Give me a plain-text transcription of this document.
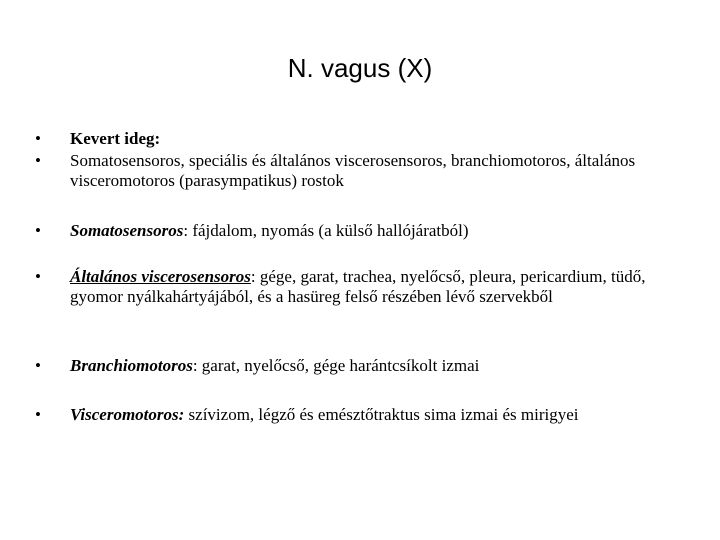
N. vagus (X)
• Kevert ideg:
• Somatosensoros, speciális és általános viscerosensoros, branchiomotoros, általános visceromotoros (parasympatikus) rostok
• Somatosensoros: fájdalom, nyomás (a külső hallójáratból)
• Általános viscerosensoros: gége, garat, trachea, nyelőcső, pleura, pericardium, tüdő, gyomor nyálkahártyájából, és a hasüreg felső részében lévő szervekből
• Branchiomotoros: garat, nyelőcső, gége harántcsíkolt izmai
• Visceromotoros: szívizom, légző és emésztőtraktus sima izmai és mirigyei
